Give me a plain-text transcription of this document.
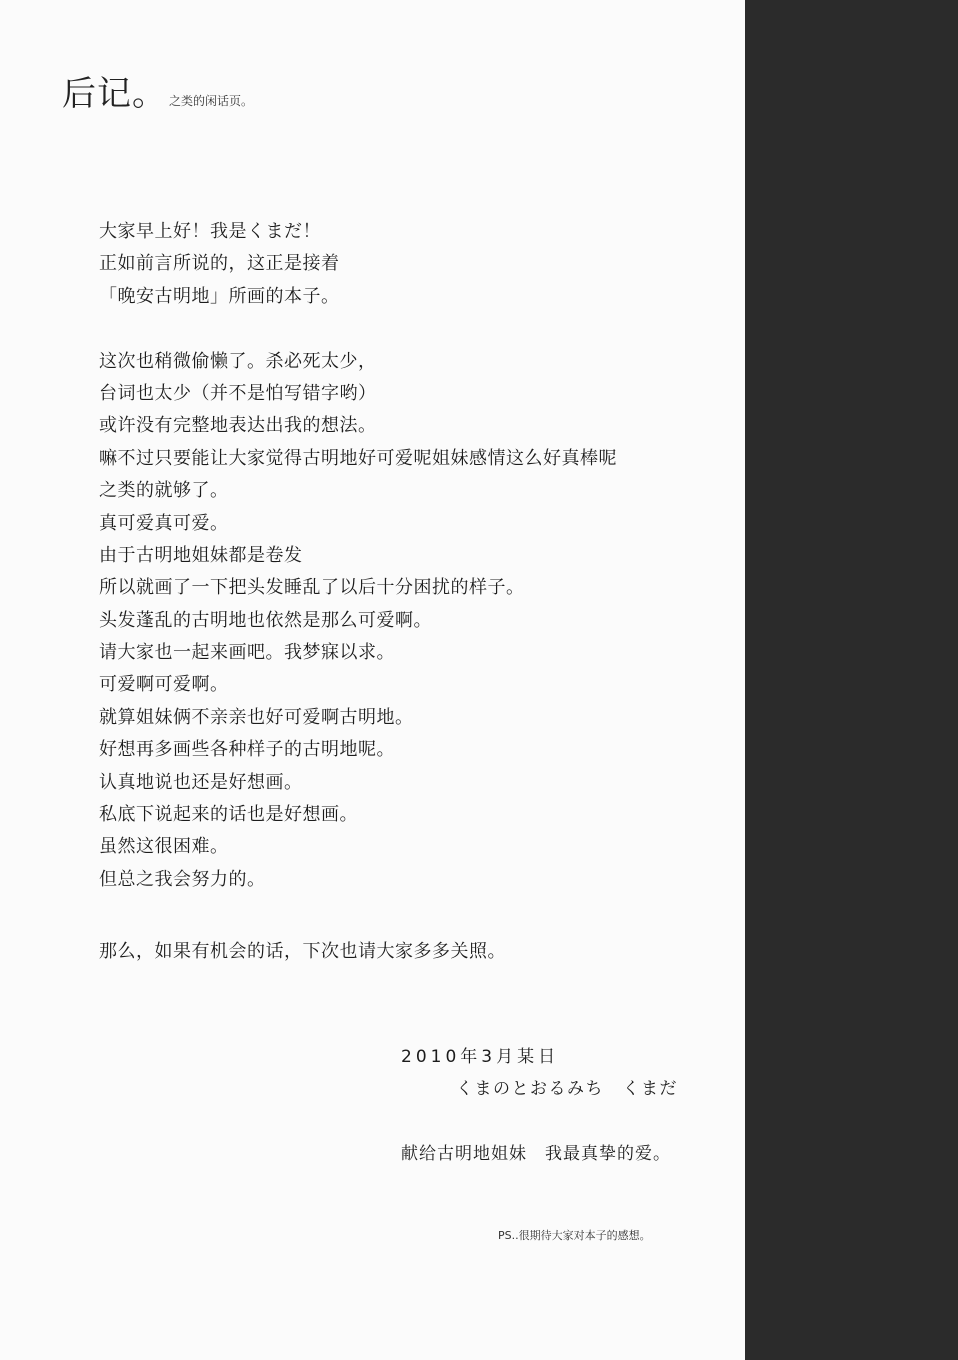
后记。 之类的闲话页。
大家早上好！我是くまだ！
正如前言所说的，这正是接着
「晚安古明地」所画的本子。
这次也稍微偷懒了。杀必死太少，
台词也太少（并不是怕写错字哟）
或许没有完整地表达出我的想法。
嘛不过只要能让大家觉得古明地好可爱呢姐妹感情这么好真棒呢
之类的就够了。
真可爱真可爱。
由于古明地姐妹都是卷发
所以就画了一下把头发睡乱了以后十分困扰的样子。
头发蓬乱的古明地也依然是那么可爱啊。
请大家也一起来画吧。我梦寐以求。
可爱啊可爱啊。
就算姐妹俩不亲亲也好可爱啊古明地。
好想再多画些各种样子的古明地呢。
认真地说也还是好想画。
私底下说起来的话也是好想画。
虽然这很困难。
但总之我会努力的。
那么，如果有机会的话，下次也请大家多多关照。
2010年3月某日
くまのとおるみち　くまだ
献给古明地姐妹　我最真挚的爱。
PS..很期待大家对本子的感想。
